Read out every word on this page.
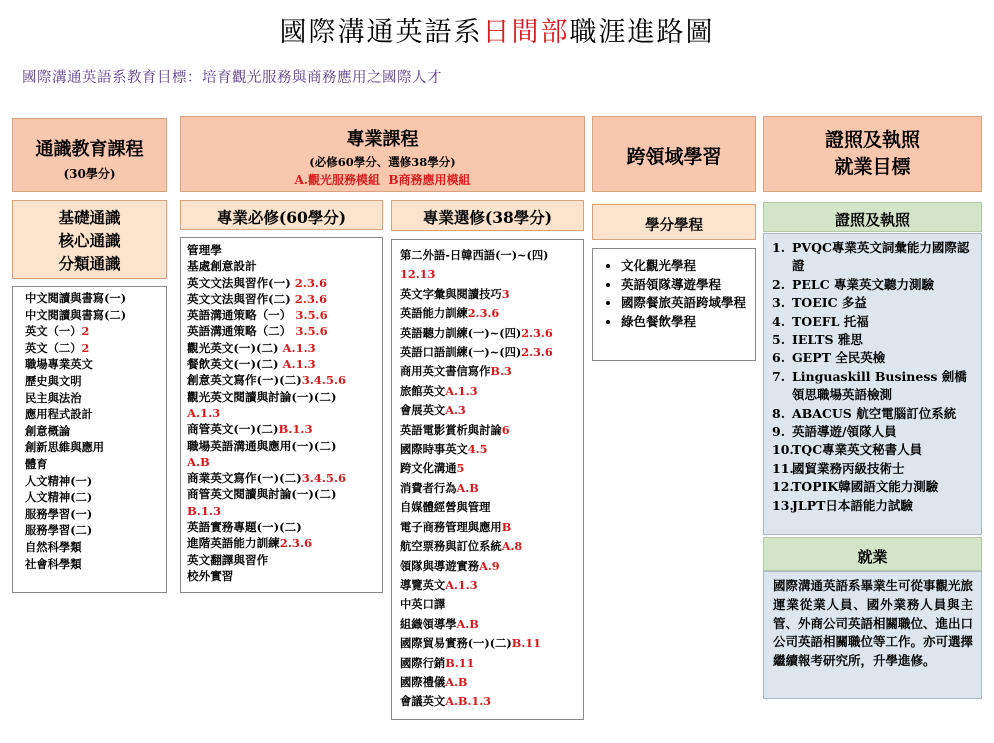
國際溝通英語系日間部職涯進路圖
國際溝通英語系教育目標：培育觀光服務與商務應用之國際人才
通識教育課程
(30學分)
專業課程
(必修60學分、選修38學分)
A.觀光服務模組  B商務應用模組
跨領域學習
證照及執照
就業目標
基礎通識
核心通識
分類通識
中文閱讀與書寫(一)
中文閱讀與書寫(二)
英文（一）2
英文（二）2
職場專業英文
歷史與文明
民主與法治
應用程式設計
創意概論
創新思維與應用
體育
人文精神(一)
人文精神(二)
服務學習(一)
服務學習(二)
自然科學類
社會科學類
專業必修(60學分)
管理學
基處創意設計
英文文法與習作(一) 2.3.6
英文文法與習作(二) 2.3.6
英語溝通策略（一） 3.5.6
英語溝通策略（二） 3.5.6
觀光英文(一)(二) A.1.3
餐飲英文(一)(二) A.1.3
創意英文寫作(一)(二)3.4.5.6
觀光英文閱讀與討論(一)(二)
A.1.3
商管英文(一)(二)B.1.3
職場英語溝通與應用(一)(二)
A.B
商業英文寫作(一)(二)3.4.5.6
商管英文閱讀與討論(一)(二)
B.1.3
英語實務專題(一)(二)
進階英語能力訓練2.3.6
英文翻譯與習作
校外實習
專業選修(38學分)
第二外語-日韓西語(一)~(四)
12.13
英文字彙與閱讀技巧3
英語能力訓練2.3.6
英語聽力訓練(一)~(四)2.3.6
英語口語訓練(一)~(四)2.3.6
商用英文書信寫作B.3
旅館英文A.1.3
會展英文A.3
英語電影賞析與討論6
國際時事英文4.5
跨文化溝通5
消費者行為A.B
自媒體經營與管理
電子商務管理與應用B
航空票務與訂位系統A.8
領隊與導遊實務A.9
導覽英文A.1.3
中英口譯
組織領導學A.B
國際貿易實務(一)(二)B.11
國際行銷B.11
國際禮儀A.B
會議英文A.B.1.3
學分學程
• 文化觀光學程
• 英語領隊導遊學程
• 國際餐旅英語跨域學程
• 綠色餐飲學程
證照及執照
1. PVQC專業英文詞彙能力國際認證
2. PELC 專業英文聽力測驗
3. TOEIC 多益
4. TOEFL 托福
5. IELTS 雅思
6. GEPT 全民英檢
7. Linguaskill Business 劍橋領思職場英語檢測
8. ABACUS 航空電腦訂位系統
9. 英語導遊/領隊人員
10.
TQC專業英文秘書人員
11.
國貿業務丙級技術士
12.
TOPIK韓國語文能力測驗
13.
JLPT日本語能力試驗
就業
國際溝通英語系畢業生可從事觀光旅運業從業人員、國外業務人員與主管、外商公司英語相關職位、進出口公司英語相關職位等工作。亦可選擇繼續報考研究所，升學進修。
